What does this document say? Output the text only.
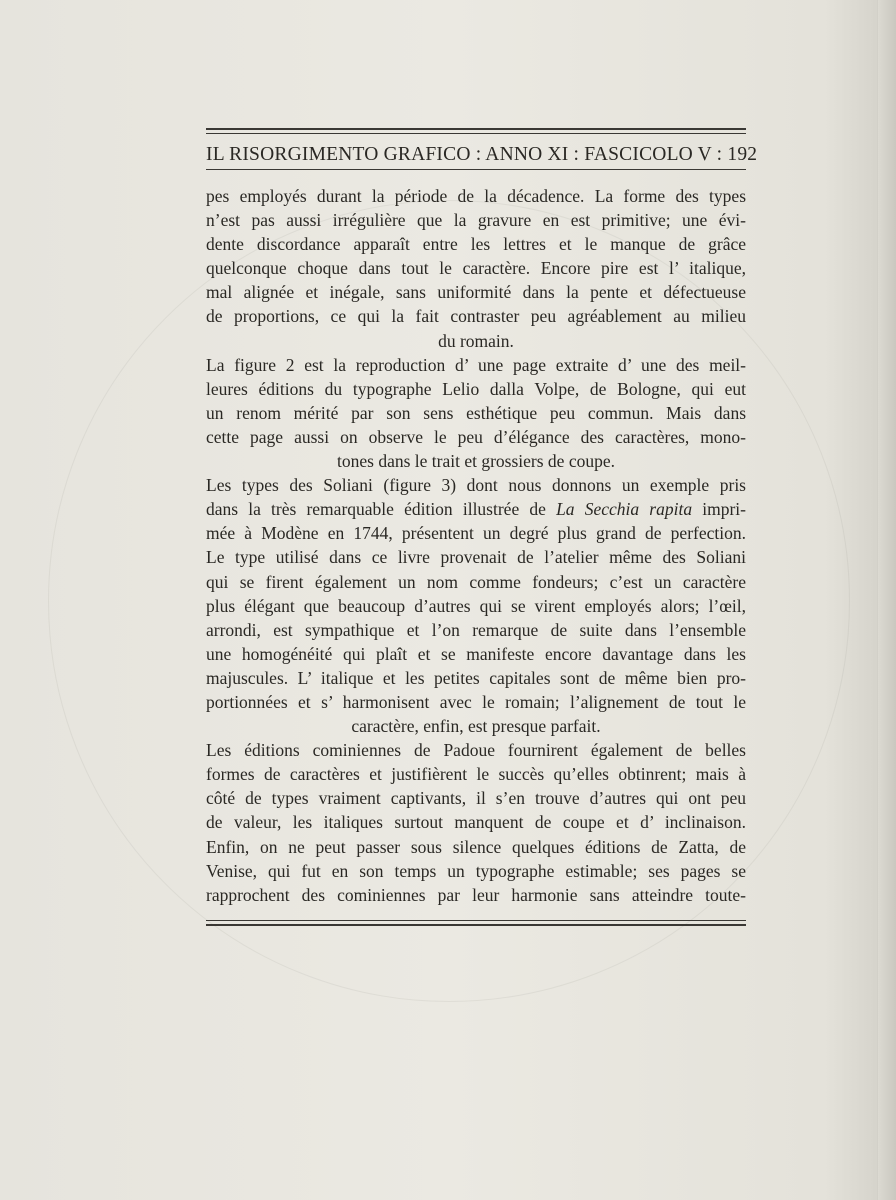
IL RISORGIMENTO GRAFICO : ANNO XI : FASCICOLO V : 192
pes employés durant la période de la décadence. La forme des types
n’est pas aussi irrégulière que la gravure en est primitive; une évi-
dente discordance apparaît entre les lettres et le manque de grâce
quelconque choque dans tout le caractère. Encore pire est l’ italique,
mal alignée et inégale, sans uniformité dans la pente et défectueuse
de proportions, ce qui la fait contraster peu agréablement au milieu
du romain.
La figure 2 est la reproduction d’ une page extraite d’ une des meil-
leures éditions du typographe Lelio dalla Volpe, de Bologne, qui eut
un renom mérité par son sens esthétique peu commun. Mais dans
cette page aussi on observe le peu d’élégance des caractères, mono-
tones dans le trait et grossiers de coupe.
Les types des Soliani (figure 3) dont nous donnons un exemple pris
dans la très remarquable édition illustrée de La Secchia rapita impri-
mée à Modène en 1744, présentent un degré plus grand de perfection.
Le type utilisé dans ce livre provenait de l’atelier même des Soliani
qui se firent également un nom comme fondeurs; c’est un caractère
plus élégant que beaucoup d’autres qui se virent employés alors; l’œil,
arrondi, est sympathique et l’on remarque de suite dans l’ensemble
une homogénéité qui plaît et se manifeste encore davantage dans les
majuscules. L’ italique et les petites capitales sont de même bien pro-
portionnées et s’ harmonisent avec le romain; l’alignement de tout le
caractère, enfin, est presque parfait.
Les éditions cominiennes de Padoue fournirent également de belles
formes de caractères et justifièrent le succès qu’elles obtinrent; mais à
côté de types vraiment captivants, il s’en trouve d’autres qui ont peu
de valeur, les italiques surtout manquent de coupe et d’ inclinaison.
Enfin, on ne peut passer sous silence quelques éditions de Zatta, de
Venise, qui fut en son temps un typographe estimable; ses pages se
rapprochent des cominiennes par leur harmonie sans atteindre toute-
